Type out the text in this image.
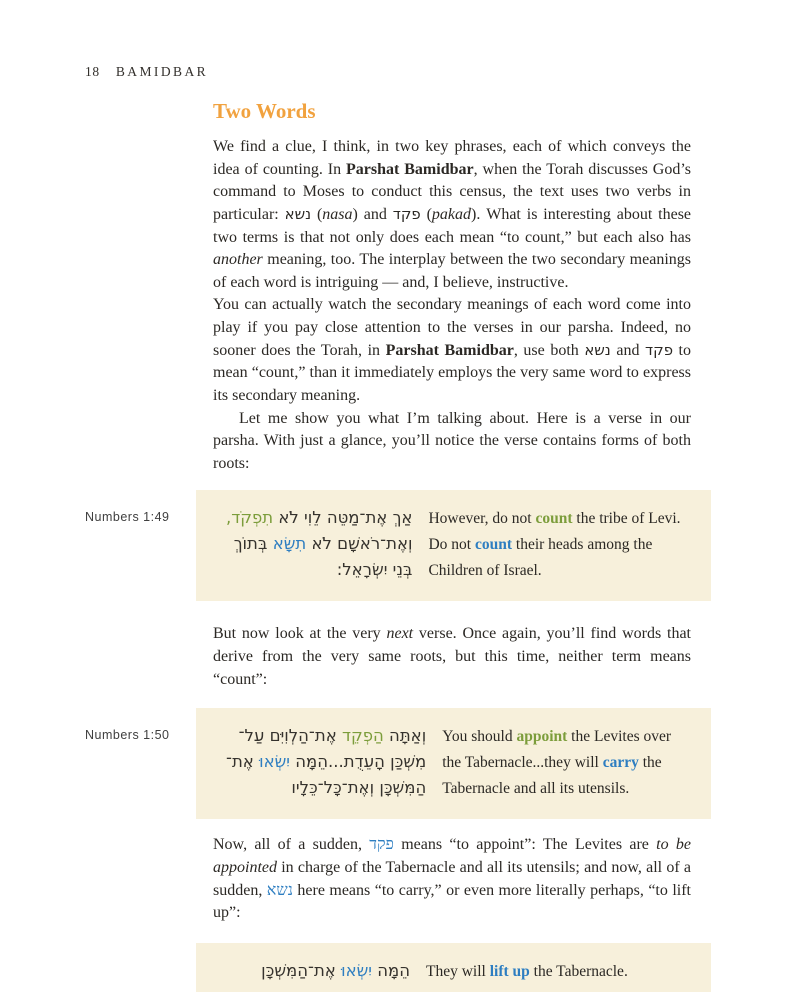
18 BAMIDBAR
Two Words

We find a clue, I think, in two key phrases, each of which conveys the idea of counting. In Parshat Bamidbar, when the Torah discusses God’s command to Moses to conduct this census, the text uses two verbs in particular: נשא (nasa) and פקד (pakad). What is interesting about these two terms is that not only does each mean “to count,” but each also has another meaning, too. The interplay between the two secondary meanings of each word is intriguing — and, I believe, instructive.

You can actually watch the secondary meanings of each word come into play if you pay close attention to the verses in our parsha. Indeed, no sooner does the Torah, in Parshat Bamidbar, use both נשא and פקד to mean “count,” than it immediately employs the very same word to express its secondary meaning.

Let me show you what I’m talking about. Here is a verse in our parsha. With just a glance, you’ll notice the verse contains forms of both roots:

Numbers 1:49	אַךְ אֶת־מַטֵּה לֵוִי לֹא תִפְקֹד,
וְאֶת־רֹאשָׁם לֹא תִשָּׂא בְּתוֹךְ
בְּנֵי יִשְׂרָאֵל:
However, do not count the tribe of Levi. Do not count their heads among the Children of Israel.

But now look at the very next verse. Once again, you’ll find words that derive from the very same roots, but this time, neither term means “count”:

Numbers 1:50	וְאַתָּה הַפְקֵד אֶת־הַלְוִיִּם עַל־
מִשְׁכַּן הָעֵדֻת...הֵמָּה יִשְׂאוּ אֶת־
הַמִּשְׁכָּן וְאֶת־כָּל־כֵּלָיו
You should appoint the Levites over the Tabernacle...they will carry the Tabernacle and all its utensils.

Now, all of a sudden, פקד means “to appoint”: The Levites are to be appointed in charge of the Tabernacle and all its utensils; and now, all of a sudden, נשא here means “to carry,” or even more literally perhaps, “to lift up”:

הֵמָּה יִשְׂאוּ אֶת־הַמִּשְׁכָּן	They will lift up the Tabernacle.
